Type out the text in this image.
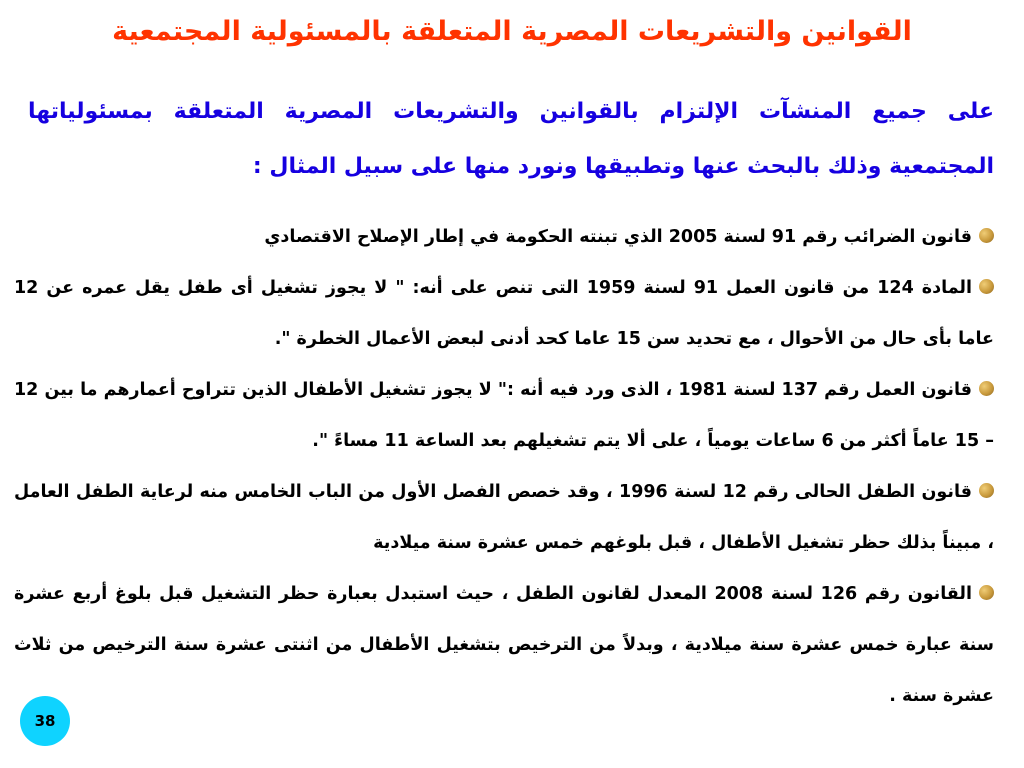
القوانين والتشريعات المصرية المتعلقة بالمسئولية المجتمعية
على جميع المنشآت الإلتزام بالقوانين والتشريعات المصرية المتعلقة بمسئولياتها المجتمعية وذلك بالبحث عنها وتطبيقها ونورد منها على سبيل المثال :
قانون الضرائب رقم 91 لسنة 2005 الذي تبنته الحكومة في إطار الإصلاح الاقتصادي
المادة 124 من قانون العمل 91 لسنة 1959 التى تنص على أنه: " لا يجوز تشغيل أى طفل يقل عمره عن 12 عاما بأى حال من الأحوال ، مع تحديد سن 15 عاما كحد أدنى لبعض الأعمال الخطرة ".
قانون العمل رقم 137 لسنة 1981 ، الذى ورد فيه أنه :" لا يجوز تشغيل الأطفال الذين تتراوح أعمارهم ما بين 12 – 15 عاماً أكثر من 6 ساعات يومياً ، على ألا يتم تشغيلهم بعد الساعة 11 مساءً ".
قانون الطفل الحالى رقم 12 لسنة 1996 ، وقد خصص الفصل الأول من الباب الخامس منه لرعاية الطفل العامل ، مبيناً بذلك حظر تشغيل الأطفال ، قبل بلوغهم خمس عشرة سنة ميلادية
القانون رقم 126 لسنة 2008 المعدل لقانون الطفل ، حيث استبدل بعبارة حظر التشغيل قبل بلوغ أربع عشرة سنة عبارة خمس عشرة سنة ميلادية ، وبدلاً من الترخيص بتشغيل الأطفال من اثنتى عشرة سنة الترخيص من ثلاث عشرة سنة .
38
